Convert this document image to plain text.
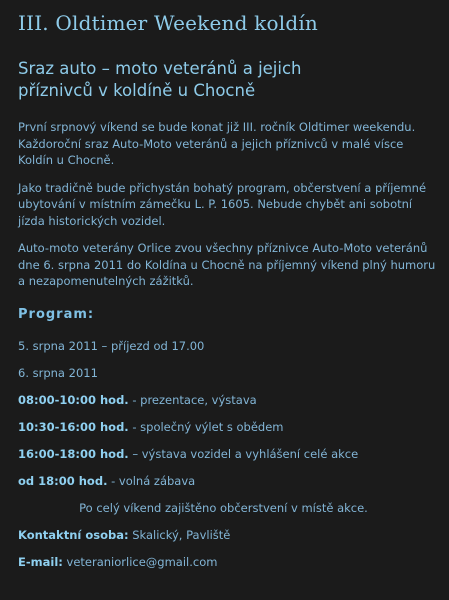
III. Oldtimer Weekend koldín
Sraz auto – moto veteránů a jejich
příznivců v koldíně u Chocně

První srpnový víkend se bude konat již III. ročník Oldtimer weekendu. Každoroční sraz Auto-Moto veteránů a jejich příznivců v malé vísce Koldín u Chocně.

Jako tradičně bude přichystán bohatý program, občerstvení a příjemné ubytování v místním zámečku L. P. 1605. Nebude chybět ani sobotní jízda historických vozidel.

Auto-moto veterány Orlice zvou všechny příznivce Auto-Moto veteránů dne 6. srpna 2011 do Koldína u Chocně na příjemný víkend plný humoru a nezapomenutelných zážitků.

Program:
5. srpna 2011 – příjezd od 17.00
6. srpna 2011
08:00-10:00 hod. - prezentace, výstava
10:30-16:00 hod. - společný výlet s obědem
16:00-18:00 hod. – výstava vozidel a vyhlášení celé akce
od 18:00 hod. - volná zábava
Po celý víkend zajištěno občerstvení v místě akce.
Kontaktní osoba: Skalický, Pavliště
E-mail: veteraniorlice@gmail.com
